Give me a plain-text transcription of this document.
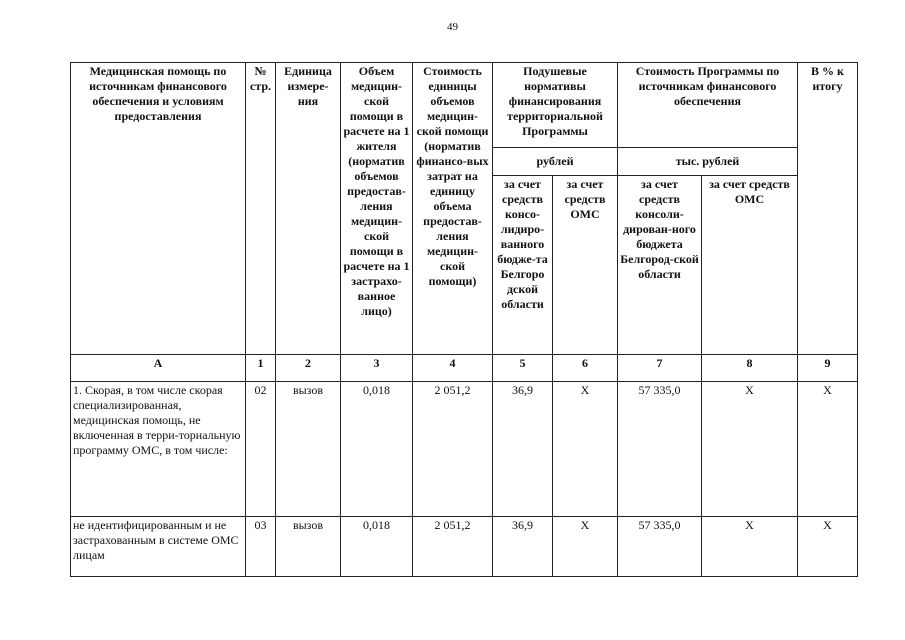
49
Медицинская помощь по источникам финансового обеспечения и условиям предоставления	№ стр.	Единица измере-ния	Объем медицин-ской помощи в расчете на 1 жителя (норматив объемов предостав-ления медицин-ской помощи в расчете на 1 застрахо-ванное лицо)	Стоимость единицы объемов медицин-ской помощи (норматив финансо-вых затрат на единицу объема предостав-ления медицин-ской помощи)	Подушевые нормативы финансирования территориальной Программы		Стоимость Программы по источникам финансового обеспечения		В % к итогу
					рублей		тыс. рублей		
					за счет средств консо-лидиро-ванного бюдже-та Белгоро дской области	за счет средств ОМС	за счет средств консоли-дирован-ного бюджета Белгород-ской области	за счет средств ОМС	
А	1	2	3	4	5	6	7	8	9
1. Скорая, в том числе скорая специализированная, медицинская помощь, не включенная в терри-ториальную программу ОМС, в том числе:	02	вызов	0,018	2 051,2	36,9	Х	57 335,0	Х	Х
не идентифицированным и не застрахованным в системе ОМС лицам	03	вызов	0,018	2 051,2	36,9	Х	57 335,0	Х	Х
